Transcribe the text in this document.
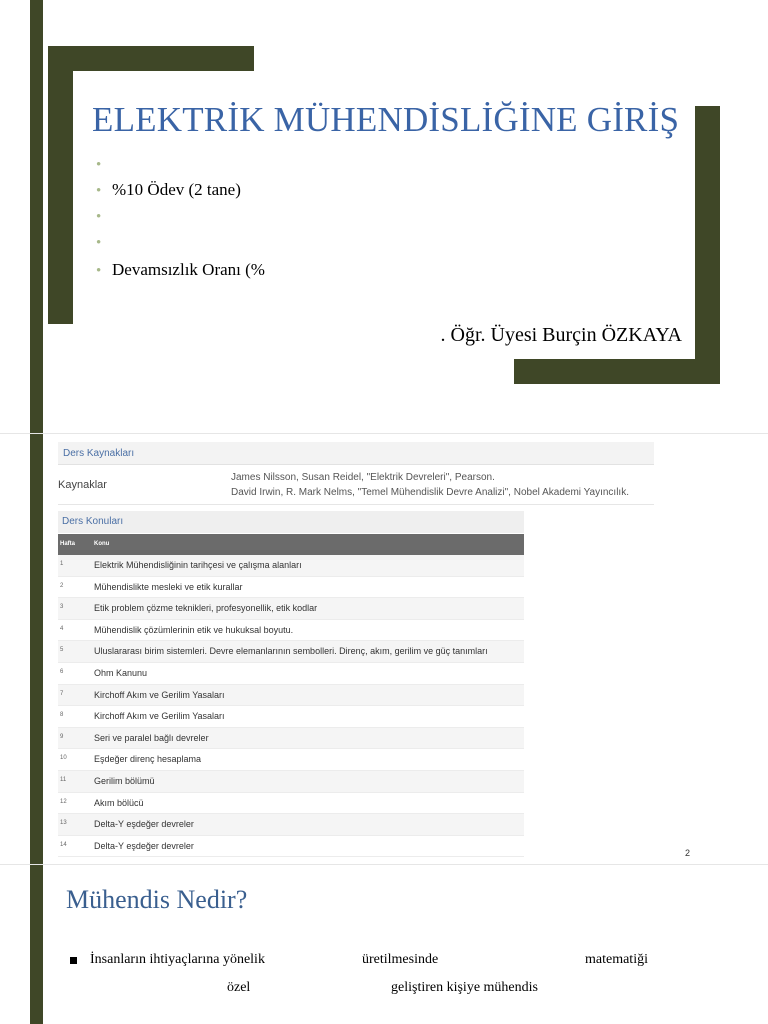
ELEKTRİK MÜHENDİSLİĞİNE GİRİŞ
•
• %10 Ödev (2 tane)
•
•
• Devamsızlık Oranı (%
. Öğr. Üyesi Burçin ÖZKAYA
Ders Kaynakları
Kaynaklar
James Nilsson, Susan Reidel, "Elektrik Devreleri", Pearson.
David Irwin, R. Mark Nelms, "Temel Mühendislik Devre Analizi", Nobel Akademi Yayıncılık.
Ders Konuları
Hafta	Konu
1	Elektrik Mühendisliğinin tarihçesi ve çalışma alanları
2	Mühendislikte mesleki ve etik kurallar
3	Etik problem çözme teknikleri, profesyonellik, etik kodlar
4	Mühendislik çözümlerinin etik ve hukuksal boyutu.
5	Uluslararası birim sistemleri. Devre elemanlarının sembolleri. Direnç, akım, gerilim ve güç tanımları
6	Ohm Kanunu
7	Kirchoff Akım ve Gerilim Yasaları
8	Kirchoff Akım ve Gerilim Yasaları
9	Seri ve paralel bağlı devreler
10	Eşdeğer direnç hesaplama
11	Gerilim bölümü
12	Akım bölücü
13	Delta-Y eşdeğer devreler
14	Delta-Y eşdeğer devreler
2
Mühendis Nedir?
İnsanların ihtiyaçlarına yönelik	üretilmesinde	matematiği
özel	geliştiren kişiye mühendis
